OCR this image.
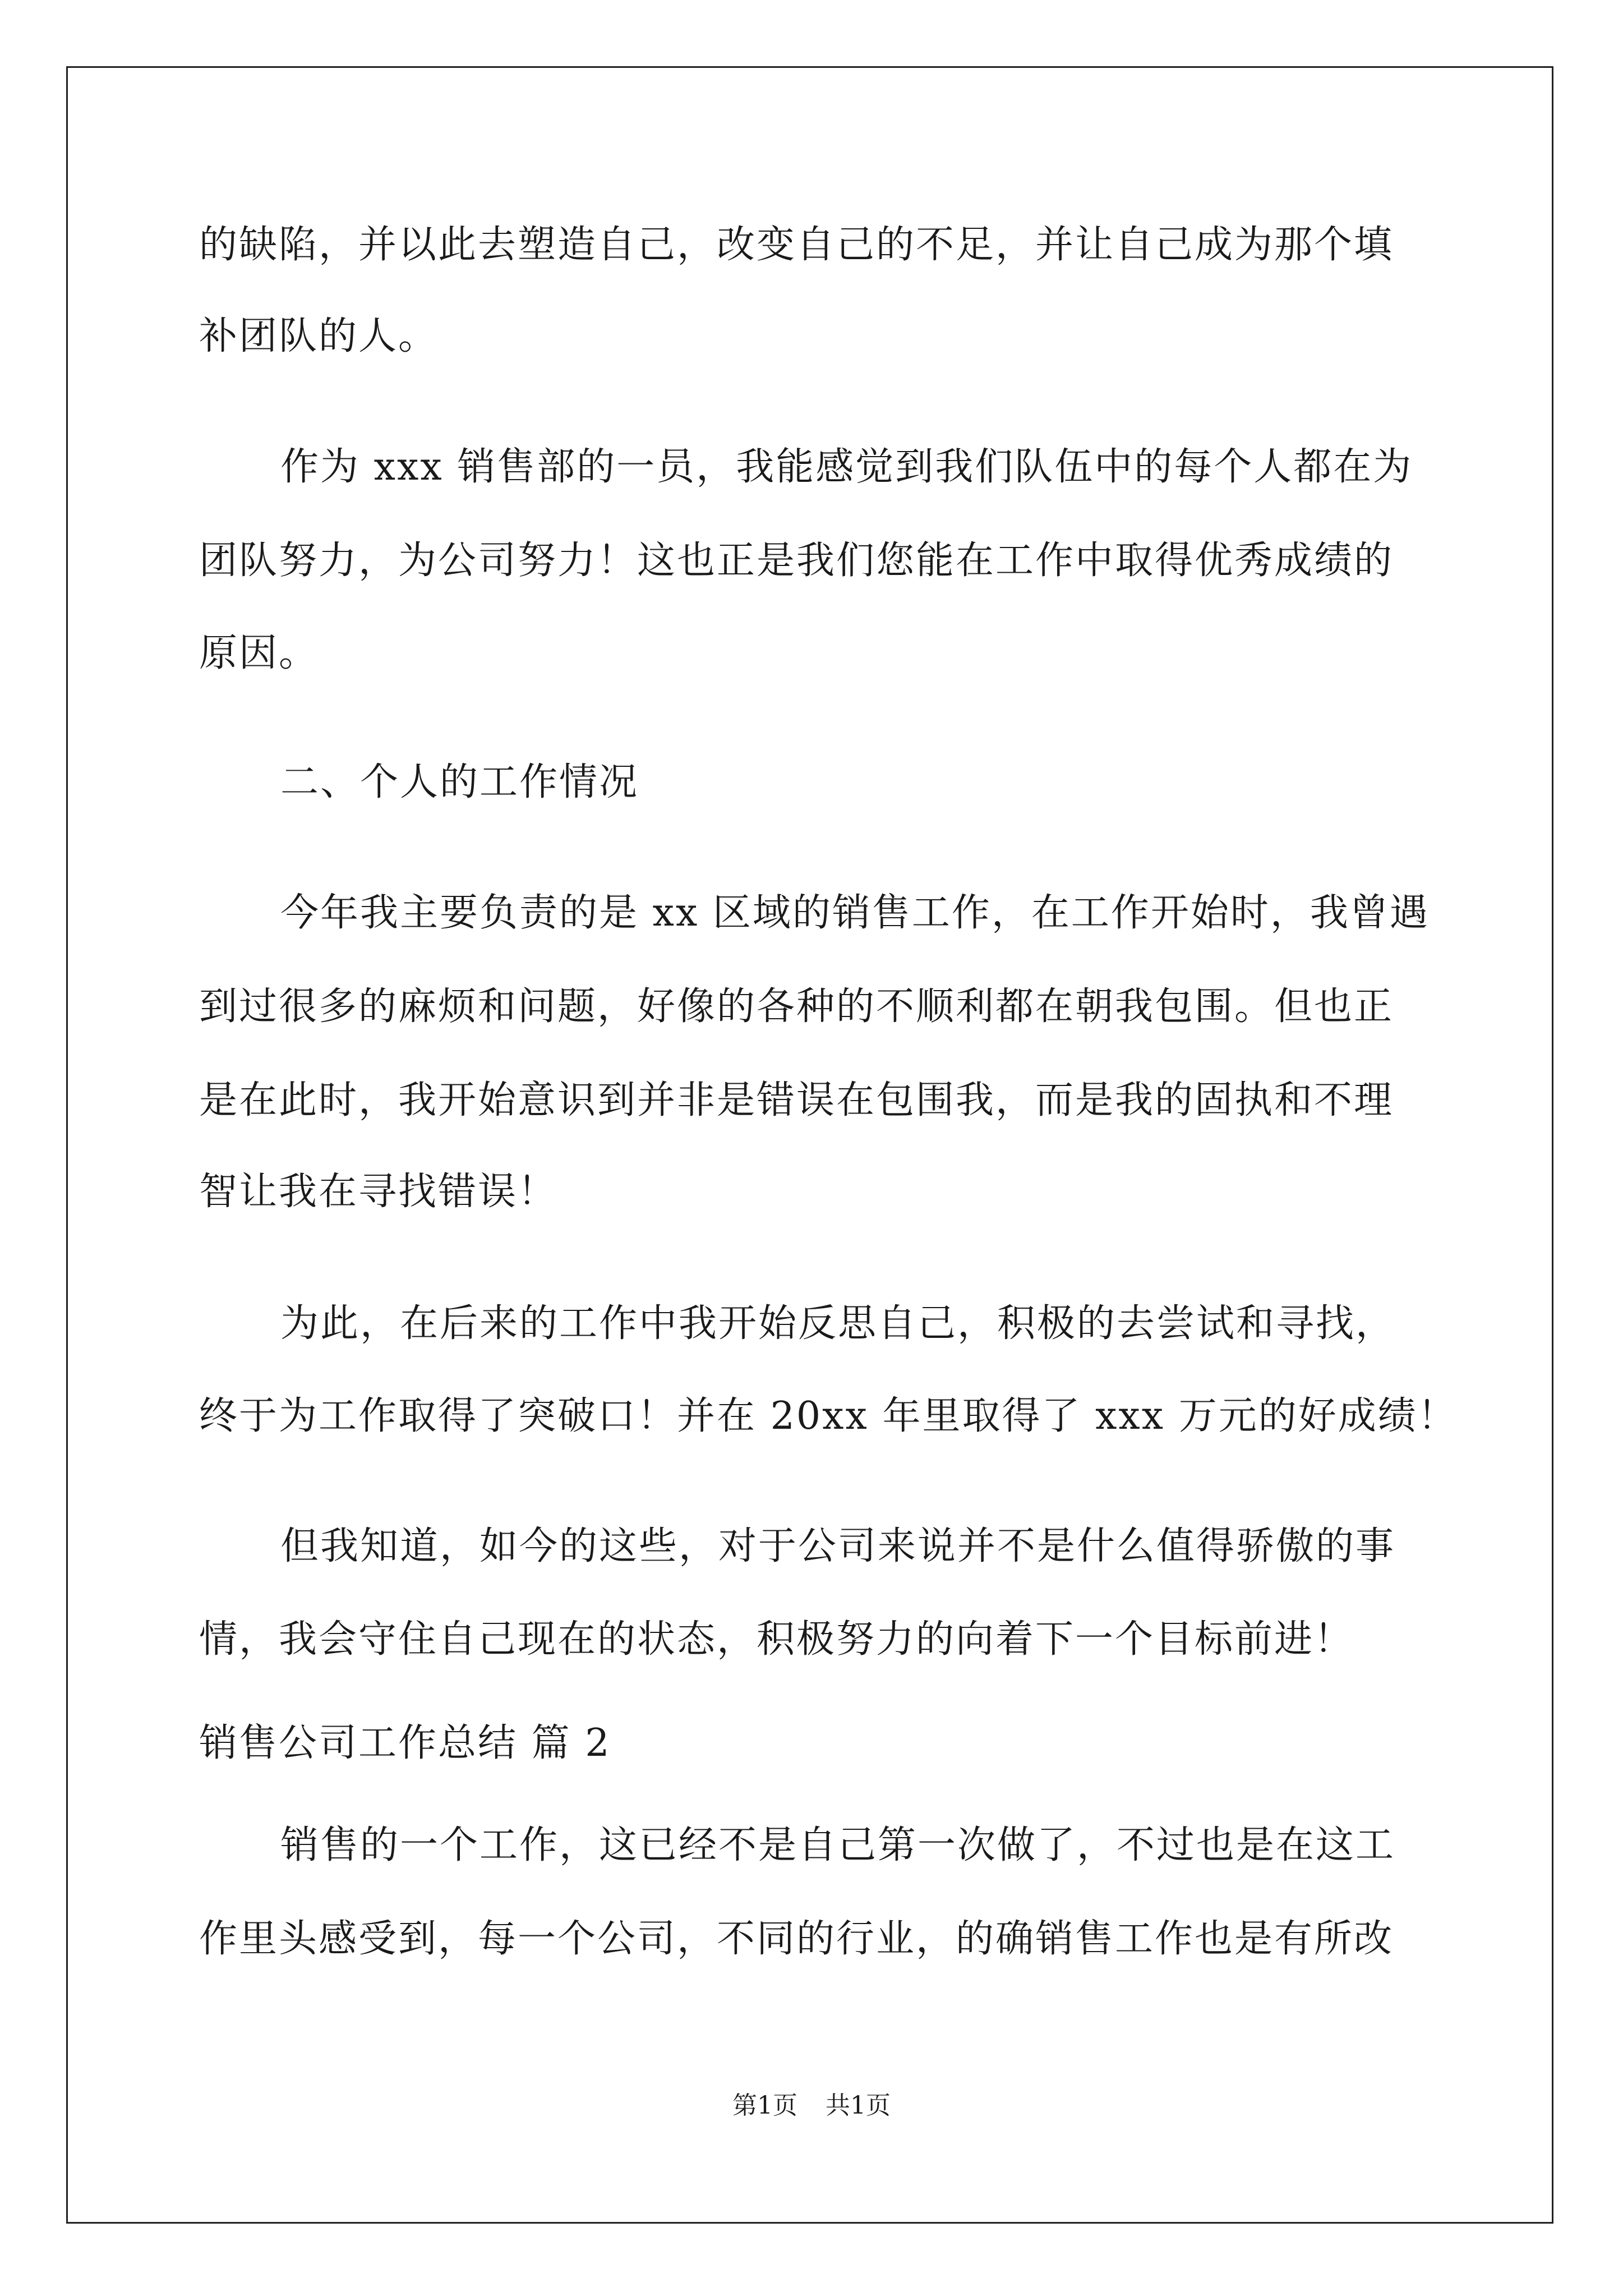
的缺陷，并以此去塑造自己，改变自己的不足，并让自己成为那个填
补团队的人。
作为 xxx 销售部的一员，我能感觉到我们队伍中的每个人都在为
团队努力，为公司努力！这也正是我们您能在工作中取得优秀成绩的
原因。
二、个人的工作情况
今年我主要负责的是 xx 区域的销售工作，在工作开始时，我曾遇
到过很多的麻烦和问题，好像的各种的不顺利都在朝我包围。但也正
是在此时，我开始意识到并非是错误在包围我，而是我的固执和不理
智让我在寻找错误！
为此，在后来的工作中我开始反思自己，积极的去尝试和寻找，
终于为工作取得了突破口！并在 20xx 年里取得了 xxx 万元的好成绩！
但我知道，如今的这些，对于公司来说并不是什么值得骄傲的事
情，我会守住自己现在的状态，积极努力的向着下一个目标前进！
销售公司工作总结 篇 2
销售的一个工作，这已经不是自己第一次做了，不过也是在这工
作里头感受到，每一个公司，不同的行业，的确销售工作也是有所改
第1页 共1页
